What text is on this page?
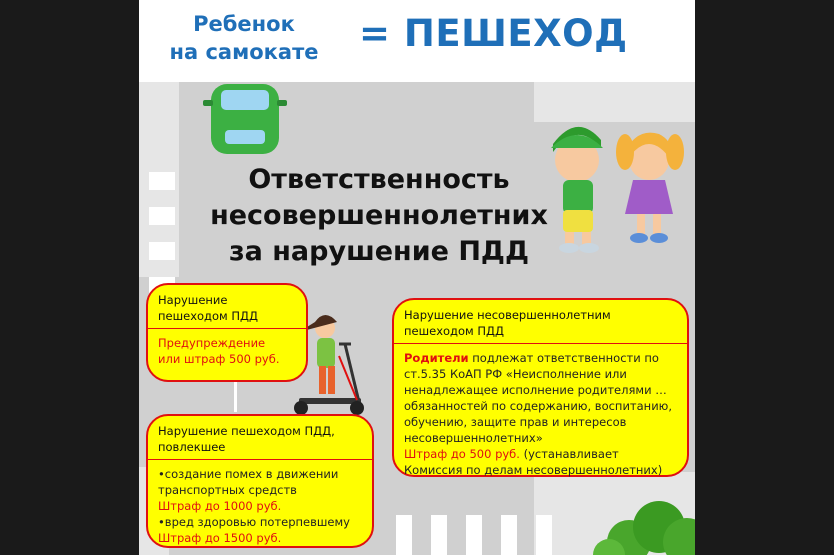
Ребенок
на самокате = ПЕШЕХОД
Ответственность
несовершеннолетних
за нарушение ПДД
Нарушение
пешеходом ПДД
Предупреждение
или штраф 500 руб.
Нарушение пешеходом ПДД,
повлекшее
• создание помех в движении
транспортных средств
Штраф до 1000 руб.
• вред здоровью потерпевшему
Штраф до 1500 руб.
Нарушение несовершеннолетним
пешеходом ПДД
Родители подлежат ответственности по
ст.5.35 КоАП РФ «Неисполнение или
ненадлежащее исполнение родителями …
обязанностей по содержанию, воспитанию,
обучению, защите прав и интересов
несовершеннолетних»
Штраф до 500 руб. (устанавливает
Комиссия по делам несовершеннолетних)
